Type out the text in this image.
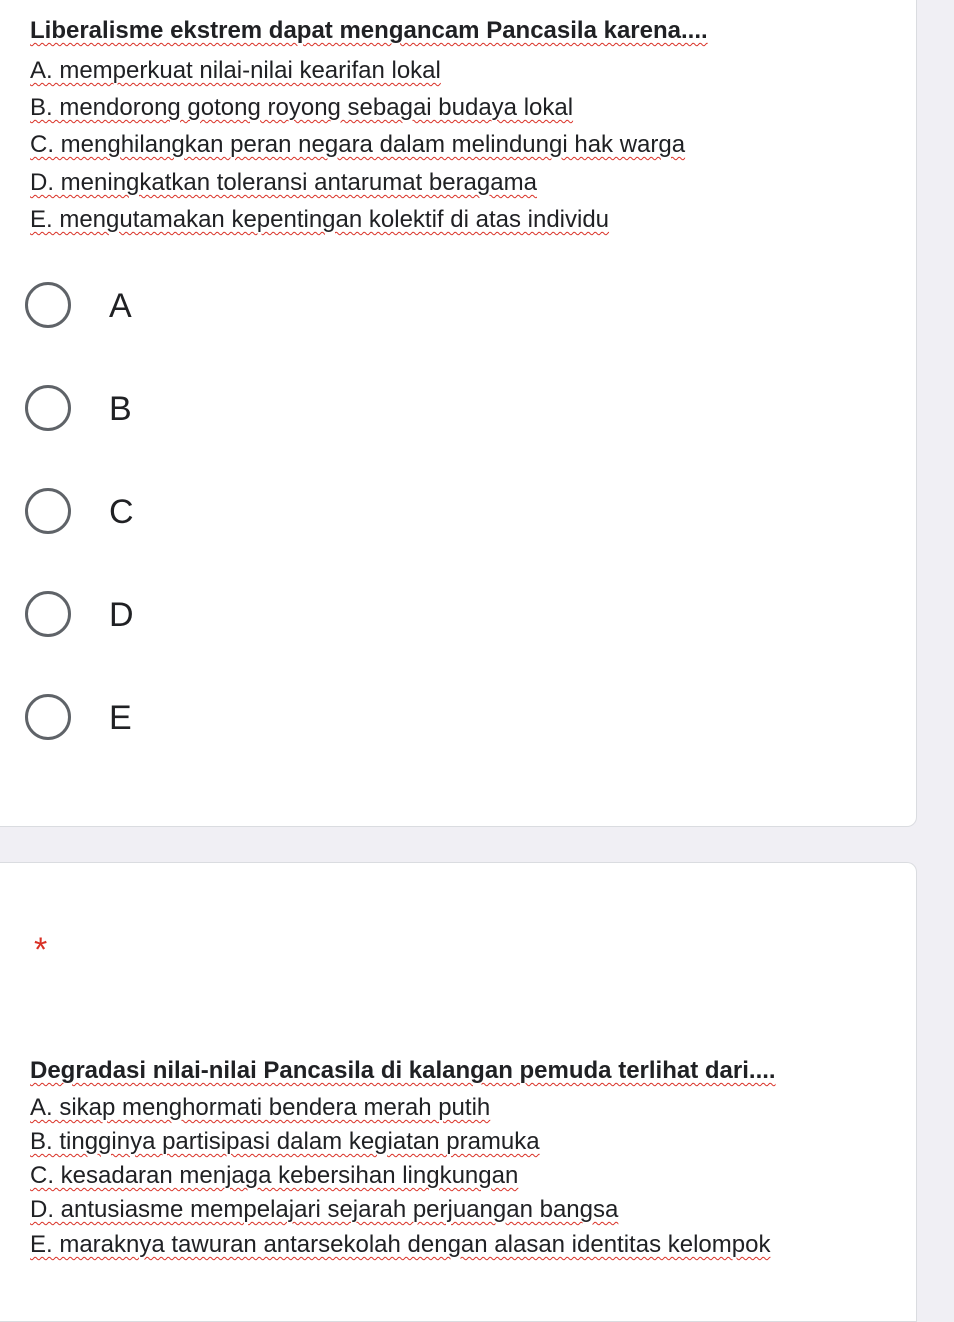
Liberalisme ekstrem dapat mengancam Pancasila karena....
A. memperkuat nilai-nilai kearifan lokal
B. mendorong gotong royong sebagai budaya lokal
C. menghilangkan peran negara dalam melindungi hak warga
D. meningkatkan toleransi antarumat beragama
E. mengutamakan kepentingan kolektif di atas individu
A
B
C
D
E
*
Degradasi nilai-nilai Pancasila di kalangan pemuda terlihat dari....
A. sikap menghormati bendera merah putih
B. tingginya partisipasi dalam kegiatan pramuka
C. kesadaran menjaga kebersihan lingkungan
D. antusiasme mempelajari sejarah perjuangan bangsa
E. maraknya tawuran antarsekolah dengan alasan identitas kelompok
